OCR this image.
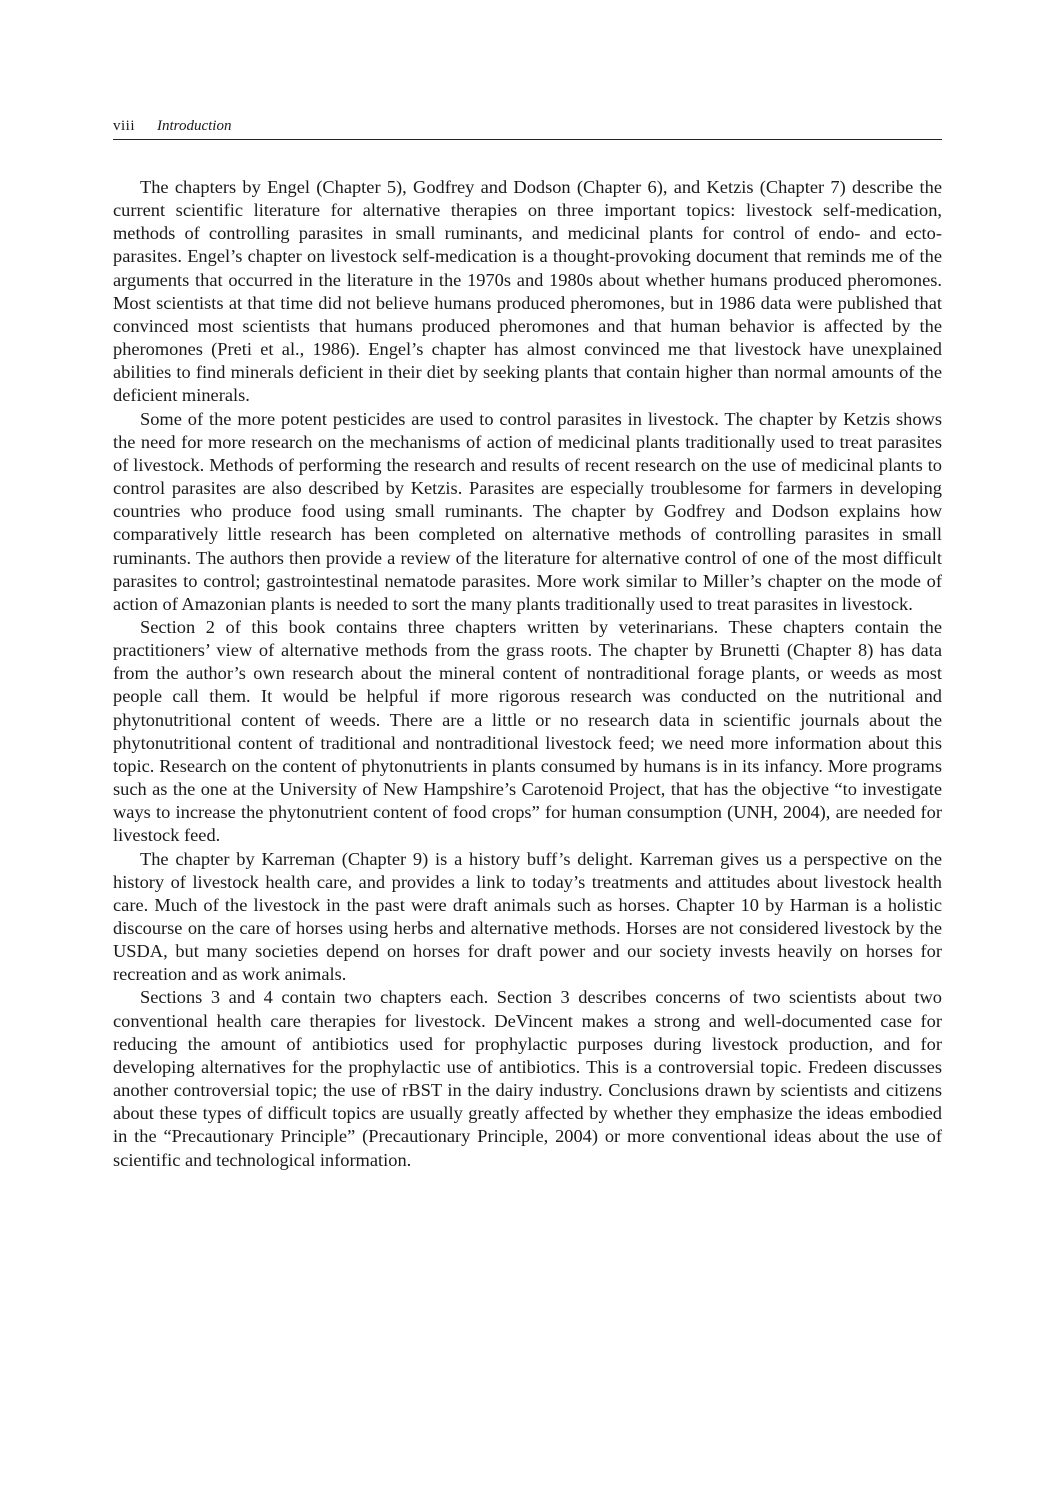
viii Introduction

The chapters by Engel (Chapter 5), Godfrey and Dodson (Chapter 6), and Ketzis (Chapter 7) describe the current scientific literature for alternative therapies on three important topics: livestock self-medication, methods of controlling parasites in small ruminants, and medicinal plants for control of endo- and ecto-parasites. Engel’s chapter on livestock self-medication is a thought-provoking document that reminds me of the arguments that occurred in the literature in the 1970s and 1980s about whether humans produced pheromones. Most scientists at that time did not believe humans produced pheromones, but in 1986 data were published that convinced most scientists that humans produced pheromones and that human behavior is affected by the pheromones (Preti et al., 1986). Engel’s chapter has almost convinced me that livestock have unexplained abilities to find minerals deficient in their diet by seeking plants that contain higher than normal amounts of the deficient minerals.

Some of the more potent pesticides are used to control parasites in livestock. The chapter by Ketzis shows the need for more research on the mechanisms of action of medicinal plants traditionally used to treat parasites of livestock. Methods of performing the research and results of recent research on the use of medicinal plants to control parasites are also described by Ketzis. Parasites are especially troublesome for farmers in developing countries who produce food using small ruminants. The chapter by Godfrey and Dodson explains how comparatively little research has been completed on alternative methods of controlling parasites in small ruminants. The authors then provide a review of the literature for alternative control of one of the most difficult parasites to control; gastrointestinal nematode parasites. More work similar to Miller’s chapter on the mode of action of Amazonian plants is needed to sort the many plants traditionally used to treat parasites in livestock.

Section 2 of this book contains three chapters written by veterinarians. These chapters contain the practitioners’ view of alternative methods from the grass roots. The chapter by Brunetti (Chapter 8) has data from the author’s own research about the mineral content of nontraditional forage plants, or weeds as most people call them. It would be helpful if more rigorous research was conducted on the nutritional and phytonutritional content of weeds. There are a little or no research data in scientific journals about the phytonutritional content of traditional and nontraditional livestock feed; we need more information about this topic. Research on the content of phytonutrients in plants consumed by humans is in its infancy. More programs such as the one at the University of New Hampshire’s Carotenoid Project, that has the objective “to investigate ways to increase the phytonutrient content of food crops” for human consumption (UNH, 2004), are needed for livestock feed.

The chapter by Karreman (Chapter 9) is a history buff’s delight. Karreman gives us a perspective on the history of livestock health care, and provides a link to today’s treatments and attitudes about livestock health care. Much of the livestock in the past were draft animals such as horses. Chapter 10 by Harman is a holistic discourse on the care of horses using herbs and alternative methods. Horses are not considered livestock by the USDA, but many societies depend on horses for draft power and our society invests heavily on horses for recreation and as work animals.

Sections 3 and 4 contain two chapters each. Section 3 describes concerns of two scientists about two conventional health care therapies for livestock. DeVincent makes a strong and well-documented case for reducing the amount of antibiotics used for prophylactic purposes during livestock production, and for developing alternatives for the prophylactic use of antibiotics. This is a controversial topic. Fredeen discusses another controversial topic; the use of rBST in the dairy industry. Conclusions drawn by scientists and citizens about these types of difficult topics are usually greatly affected by whether they emphasize the ideas embodied in the “Precautionary Principle” (Precautionary Principle, 2004) or more conventional ideas about the use of scientific and technological information.
